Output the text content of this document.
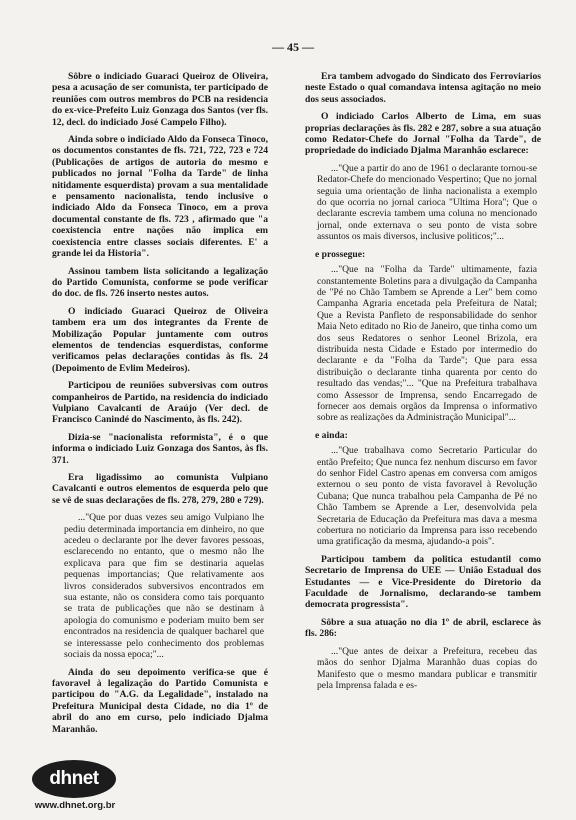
— 45 —

Sôbre o indiciado Guaraci Queiroz de Oliveira, pesa a acusação de ser comunista, ter participado de reuniões com outros membros do PCB na residencia do ex-vice-Prefeito Luiz Gonzaga dos Santos (ver fls. 12, decl. do indiciado José Campelo Filho).

Ainda sobre o indiciado Aldo da Fonseca Tinoco, os documentos constantes de fls. 721, 722, 723 e 724 (Publicações de artigos de autoria do mesmo e publicados no jornal "Folha da Tarde" de linha nitidamente esquerdista) provam a sua mentalidade e pensamento nacionalista, tendo inclusive o indiciado Aldo da Fonseca Tinoco, em a prova documental constante de fls. 723 , afirmado que "a coexistencia entre nações não implica em coexistencia entre classes sociais diferentes. E' a grande lei da Historia".

Assinou tambem lista solicitando a legalização do Partido Comunista, conforme se pode verificar do doc. de fls. 726 inserto nestes autos.

O indiciado Guaraci Queiroz de Oliveira tambem era um dos integrantes da Frente de Mobilização Popular juntamente com outros elementos de tendencias esquerdistas, conforme verificamos pelas declarações contidas às fls. 24 (Depoimento de Evlim Medeiros).

Participou de reuniões subversivas com outros companheiros de Partido, na residencia do indiciado Vulpiano Cavalcanti de Araújo (Ver decl. de Francisco Canindé do Nascimento, às fls. 242).

Dizia-se "nacionalista reformista", é o que informa o indiciado Luiz Gonzaga dos Santos, às fls. 371.

Era ligadissimo ao comunista Vulpiano Cavalcanti e outros elementos de esquerda pelo que se vê de suas declarações de fls. 278, 279, 280 e 729).

..."Que por duas vezes seu amigo Vulpiano lhe pediu determinada importancia em dinheiro, no que acedeu o declarante por lhe dever favores pessoas, esclarecendo no entanto, que o mesmo não lhe explicava para que fim se destinaria aquelas pequenas importancias; Que relativamente aos livros considerados subversivos encontrados em sua estante, não os considera como tais porquanto se trata de publicações que não se destinam à apologia do comunismo e poderiam muito bem ser encontrados na residencia de qualquer bacharel que se interessasse pelo conhecimento dos problemas sociais da nossa epoca;"...

Ainda do seu depoimento verifica-se que é favoravel à legalização do Partido Comunista e participou do "A.G. da Legalidade", instalado na Prefeitura Municipal desta Cidade, no dia 1º de abril do ano em curso, pelo indiciado Djalma Maranhão.

Era tambem advogado do Sindicato dos Ferroviarios neste Estado o qual comandava intensa agitação no meio dos seus associados.

O indiciado Carlos Alberto de Lima, em suas proprias declarações às fls. 282 e 287, sobre a sua atuação como Redator-Chefe do Jornal "Folha da Tarde", de propriedade do indiciado Djalma Maranhão esclarece:

..."Que a partir do ano de 1961 o declarante tornou-se Redator-Chefe do mencionado Vespertino; Que no jornal seguia uma orientação de linha nacionalista a exemplo do que ocorria no jornal carioca "Ultima Hora"; Que o declarante escrevia tambem uma coluna no mencionado jornal, onde externava o seu ponto de vista sobre assuntos os mais diversos, inclusive politicos;"...

e prossegue:

..."Que na "Folha da Tarde" ultimamente, fazia constantemente Boletins para a divulgação da Campanha de "Pé no Chão Tambem se Aprende a Ler" bem como Campanha Agraria encetada pela Prefeitura de Natal; Que a Revista Panfleto de responsabilidade do senhor Maia Neto editado no Rio de Janeiro, que tinha como um dos seus Redatores o senhor Leonel Brizola, era distribuida nesta Cidade e Estado por intermedio do declarante e da "Folha da Tarde"; Que para essa distribuição o declarante tinha quarenta por cento do resultado das vendas;"... "Que na Prefeitura trabalhava como Assessor de Imprensa, sendo Encarregado de fornecer aos demais orgãos da Imprensa o informativo sobre as realizações da Administração Municipal"...

e ainda:

..."Que trabalhava como Secretario Particular do então Prefeito; Que nunca fez nenhum discurso em favor do senhor Fidel Castro apenas em conversa com amigos externou o seu ponto de vista favoravel à Revolução Cubana; Que nunca trabalhou pela Campanha de Pé no Chão Tambem se Aprende a Ler, desenvolvida pela Secretaria de Educação da Prefeitura mas dava a mesma cobertura no noticiario da Imprensa para isso recebendo uma gratificação da mesma, ajudando-a pois".

Participou tambem da politica estudantil como Secretario de Imprensa do UEE — União Estadual dos Estudantes — e Vice-Presidente do Diretorio da Faculdade de Jornalismo, declarando-se tambem democrata progressista".

Sôbre a sua atuação no dia 1º de abril, esclarece às fls. 286:

..."Que antes de deixar a Prefeitura, recebeu das mãos do senhor Djalma Maranhão duas copias do Manifesto que o mesmo mandara publicar e transmitir pela Imprensa falada e es-

dhnet
www.dhnet.org.br
